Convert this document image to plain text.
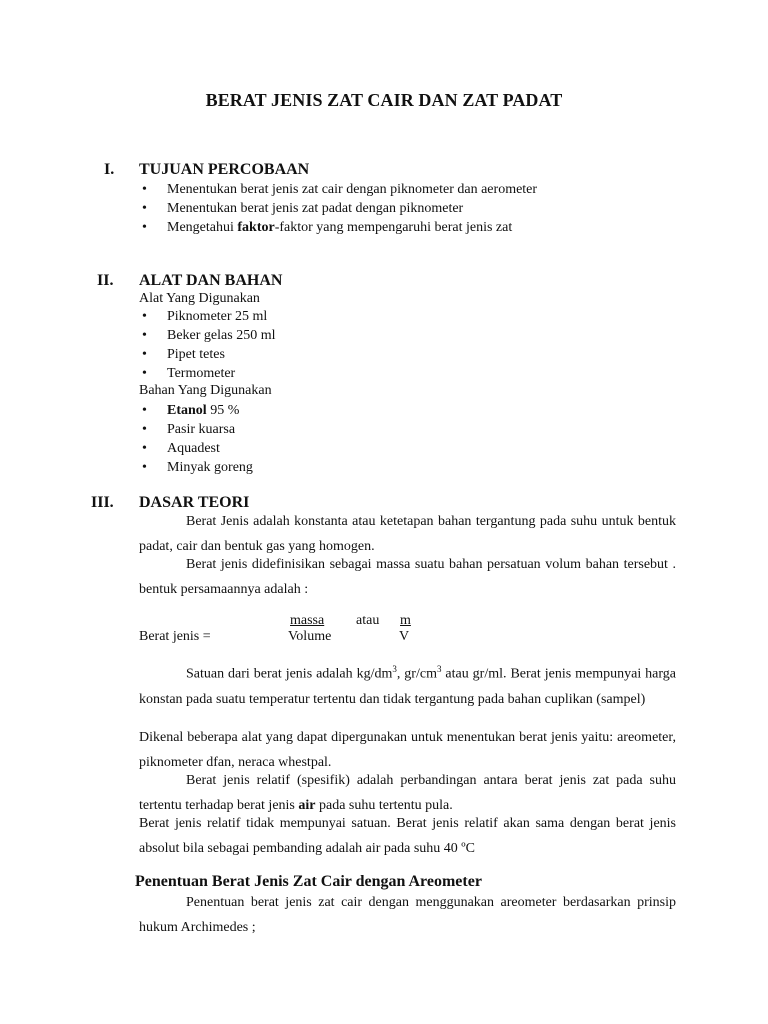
BERAT JENIS ZAT CAIR DAN ZAT PADAT
I. TUJUAN PERCOBAAN
• Menentukan berat jenis zat cair dengan piknometer dan aerometer
• Menentukan berat jenis zat padat dengan piknometer
• Mengetahui faktor-faktor yang mempengaruhi berat jenis zat
II. ALAT DAN BAHAN
Alat Yang Digunakan
• Piknometer 25 ml
• Beker gelas 250 ml
• Pipet tetes
• Termometer
Bahan Yang Digunakan
• Etanol 95 %
• Pasir kuarsa
• Aquadest
• Minyak goreng
III. DASAR TEORI

Berat Jenis adalah konstanta atau ketetapan bahan tergantung pada suhu untuk bentuk padat, cair dan bentuk gas yang homogen.

Berat jenis didefinisikan sebagai massa suatu bahan persatuan volum bahan tersebut . bentuk persamaannya adalah :

massa atau m
Berat jenis =	Volume	V

Satuan dari berat jenis adalah $kg/dm^3$, $gr/cm^3$ atau gr/ml. Berat jenis mempunyai harga konstan pada suatu temperatur tertentu dan tidak tergantung pada bahan cuplikan (sampel)

Dikenal beberapa alat yang dapat dipergunakan untuk menentukan berat jenis yaitu: areometer, piknometer dfan, neraca whestpal.

Berat jenis relatif (spesifik) adalah perbandingan antara berat jenis zat pada suhu tertentu terhadap berat jenis air pada suhu tertentu pula.

Berat jenis relatif tidak mempunyai satuan. Berat jenis relatif akan sama dengan berat jenis absolut bila sebagai pembanding adalah air pada suhu 40 ºC

Penentuan Berat Jenis Zat Cair dengan Areometer

Penentuan berat jenis zat cair dengan menggunakan areometer berdasarkan prinsip hukum Archimedes ;
